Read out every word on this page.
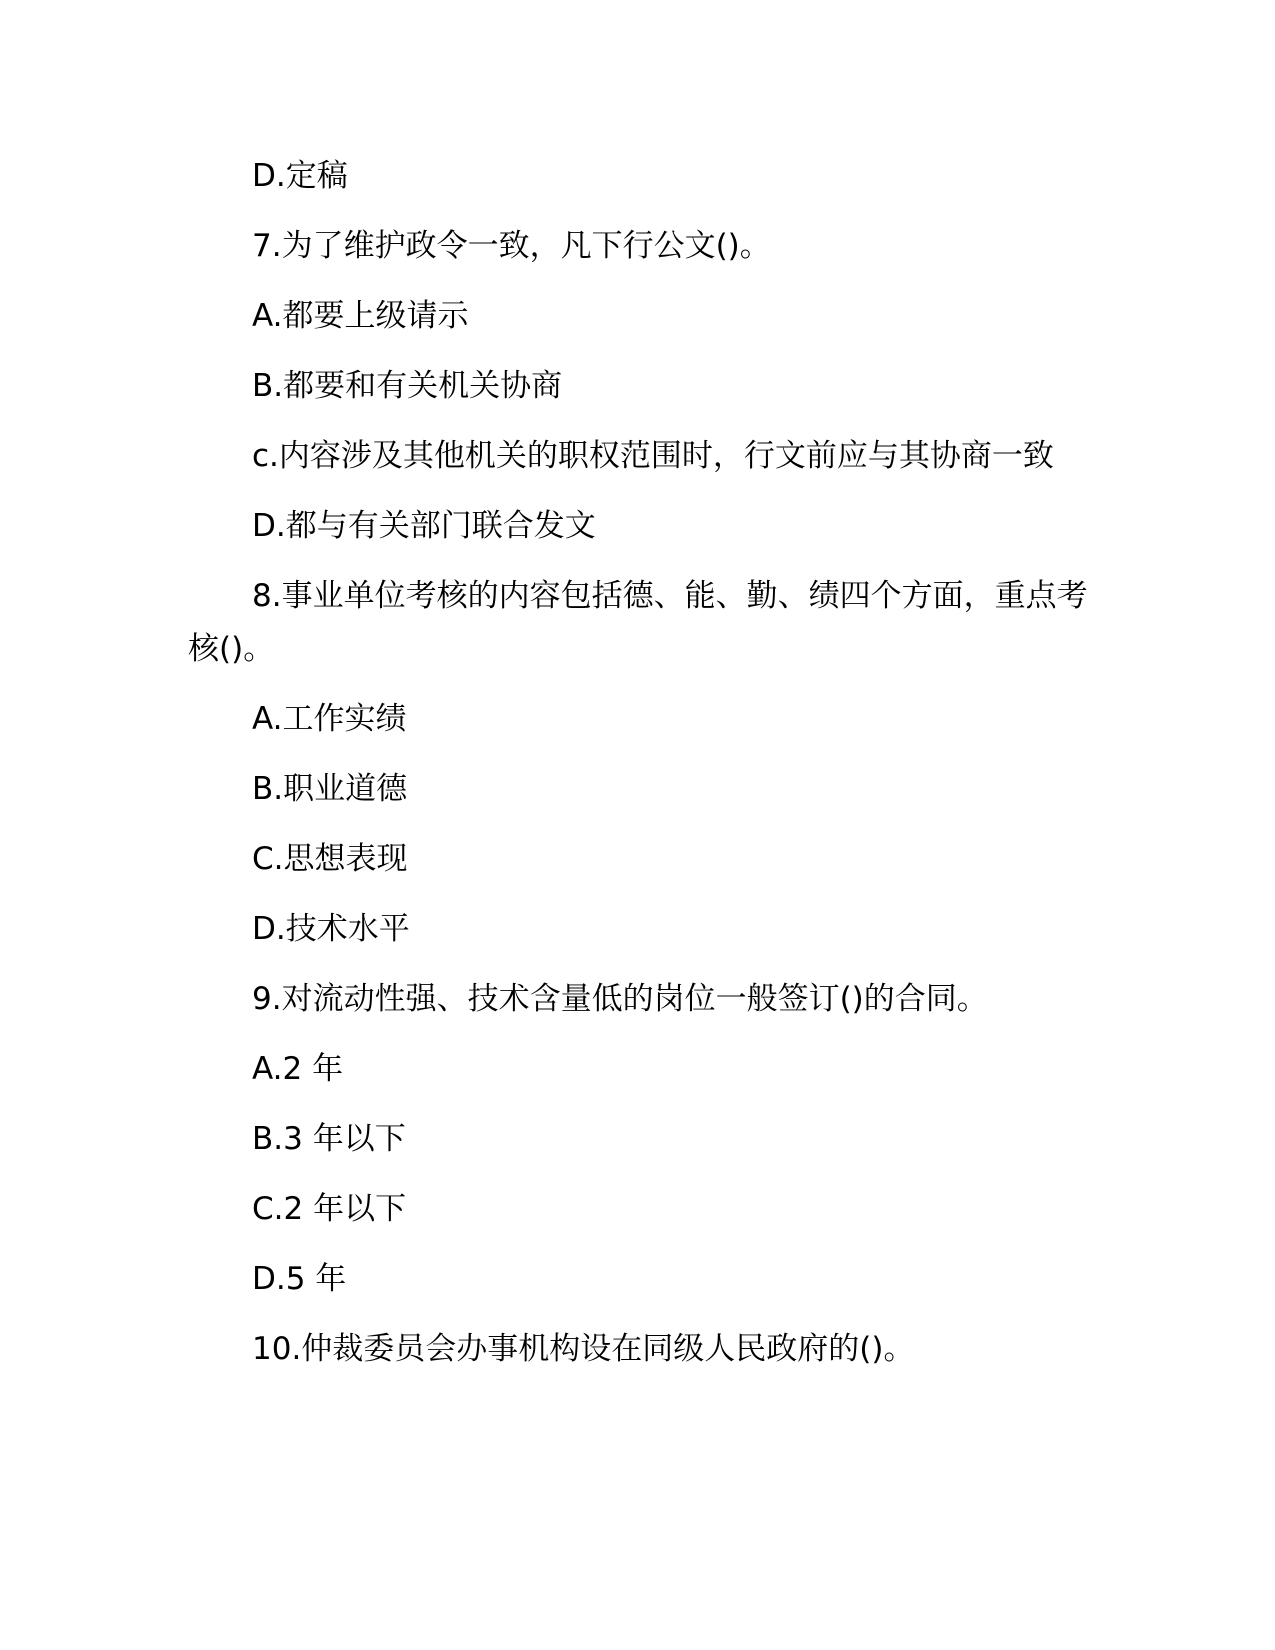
D.定稿

7.为了维护政令一致，凡下行公文()。

A.都要上级请示

B.都要和有关机关协商

c.内容涉及其他机关的职权范围时，行文前应与其协商一致

D.都与有关部门联合发文

8.事业单位考核的内容包括德、能、勤、绩四个方面，重点考核()。

A.工作实绩

B.职业道德

C.思想表现

D.技术水平

9.对流动性强、技术含量低的岗位一般签订()的合同。

A.2 年

B.3 年以下

C.2 年以下

D.5 年

10.仲裁委员会办事机构设在同级人民政府的()。
